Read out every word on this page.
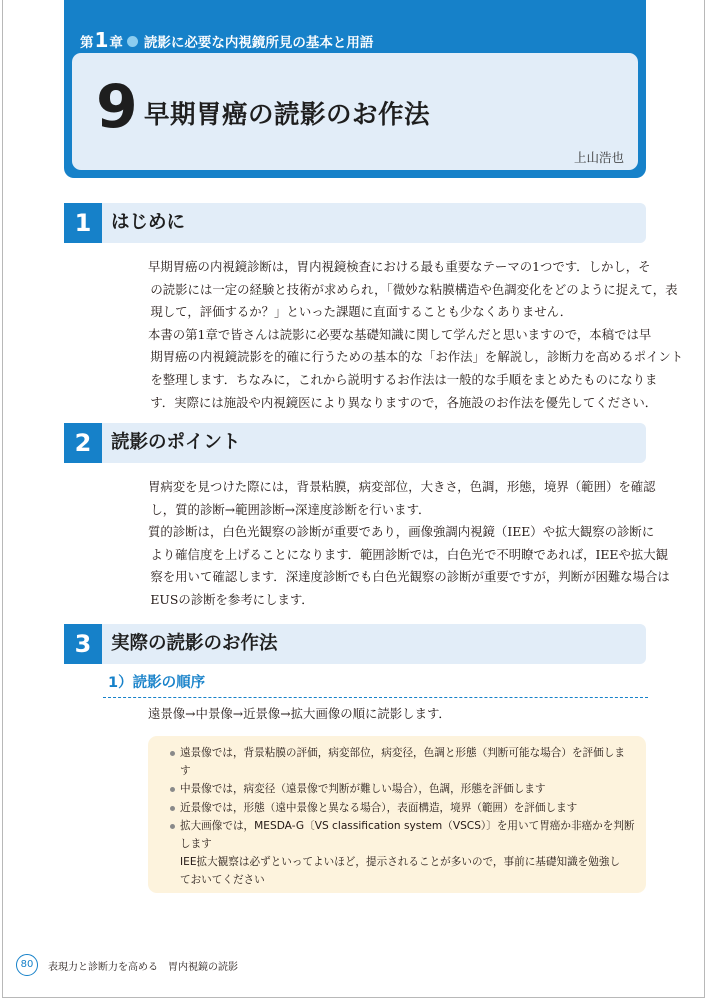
第 1 章 読影に必要な内視鏡所見の基本と用語
9 早期胃癌の読影のお作法
上山浩也
1	はじめに

早期胃癌の内視鏡診断は，胃内視鏡検査における最も重要なテーマの1つです．しかし，そ
の読影には一定の経験と技術が求められ，「微妙な粘膜構造や色調変化をどのように捉えて，表
現して，評価するか？」といった課題に直面することも少なくありません．

本書の第1章で皆さんは読影に必要な基礎知識に関して学んだと思いますので，本稿では早
期胃癌の内視鏡読影を的確に行うための基本的な「お作法」を解説し，診断力を高めるポイント
を整理します．ちなみに，これから説明するお作法は一般的な手順をまとめたものになりま
す．実際には施設や内視鏡医により異なりますので，各施設のお作法を優先してください．

2	読影のポイント

胃病変を見つけた際には，背景粘膜，病変部位，大きさ，色調，形態，境界（範囲）を確認
し，質的診断→範囲診断→深達度診断を行います．

質的診断は，白色光観察の診断が重要であり，画像強調内視鏡（IEE）や拡大観察の診断に
より確信度を上げることになります．範囲診断では，白色光で不明瞭であれば，IEEや拡大観
察を用いて確認します．深達度診断でも白色光観察の診断が重要ですが，判断が困難な場合は
EUSの診断を参考にします．

3	実際の読影のお作法
1）読影の順序
遠景像→中景像→近景像→拡大画像の順に読影します．
遠景像では，背景粘膜の評価，病変部位，病変径，色調と形態（判断可能な場合）を評価しま
す
中景像では，病変径（遠景像で判断が難しい場合），色調，形態を評価します
近景像では，形態（遠中景像と異なる場合），表面構造，境界（範囲）を評価します
拡大画像では，MESDA-G〔VS classification system（VSCS）〕を用いて胃癌か非癌かを判断
します
IEE拡大観察は必ずといってよいほど，提示されることが多いので，事前に基礎知識を勉強し
ておいてください
80	表現力と診断力を高める　胃内視鏡の読影
